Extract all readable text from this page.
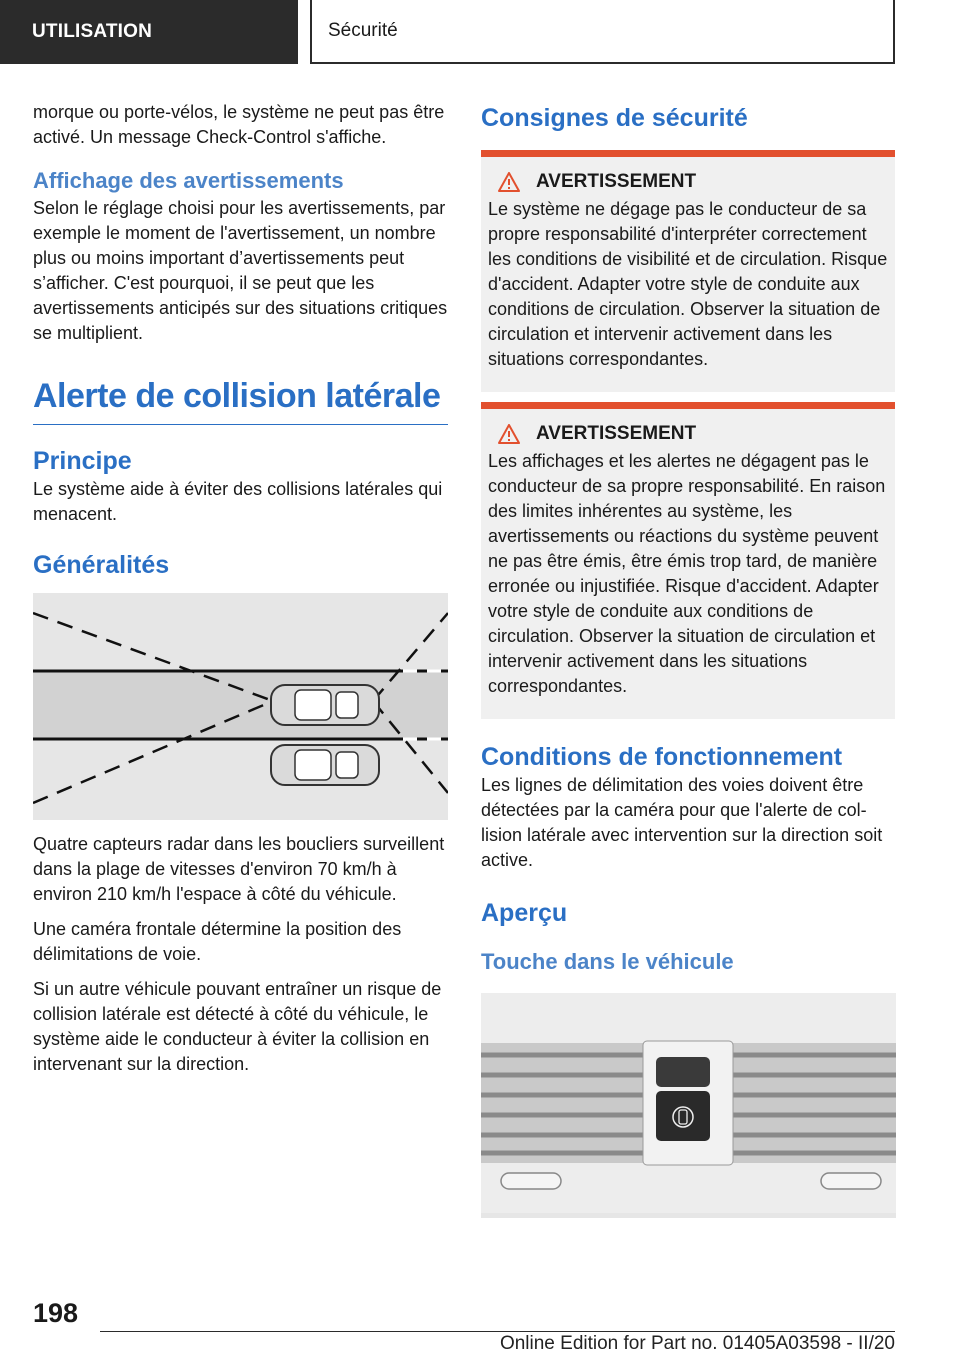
UTILISATION	Sécurité

morque ou porte-vélos, le système ne peut pas être activé. Un message Check-Control s'affiche.

Affichage des avertissements

Selon le réglage choisi pour les avertissements, par exemple le moment de l'avertissement, un nombre plus ou moins important d’avertissements peut s’afficher. C'est pourquoi, il se peut que les avertissements anticipés sur des situations critiques se multiplient.

Alerte de collision latérale
Principe

Le système aide à éviter des collisions latérales qui menacent.

Généralités

Quatre capteurs radar dans les boucliers surveillent dans la plage de vitesses d'environ 70 km/h à environ 210 km/h l'espace à côté du véhicule.

Une caméra frontale détermine la position des délimitations de voie.

Si un autre véhicule pouvant entraîner un risque de collision latérale est détecté à côté du véhicule, le système aide le conducteur à éviter la collision en intervenant sur la direction.

Consignes de sécurité
AVERTISSEMENT

Le système ne dégage pas le conducteur de sa propre responsabilité d'interpréter correctement les conditions de visibilité et de circulation. Risque d'accident. Adapter votre style de conduite aux conditions de circulation. Observer la situation de circulation et intervenir activement dans les situations correspondantes.

AVERTISSEMENT

Les affichages et les alertes ne dégagent pas le conducteur de sa propre responsabilité. En raison des limites inhérentes au système, les avertissements ou réactions du système peuvent ne pas être émis, être émis trop tard, de manière erronée ou injustifiée. Risque d'accident. Adapter votre style de conduite aux conditions de circulation. Observer la situation de circulation et intervenir activement dans les situations correspondantes.

Conditions de fonctionnement

Les lignes de délimitation des voies doivent être détectées par la caméra pour que l'alerte de collision latérale avec intervention sur la direction soit active.

Aperçu
Touche dans le véhicule
198
Online Edition for Part no. 01405A03598 - II/20
